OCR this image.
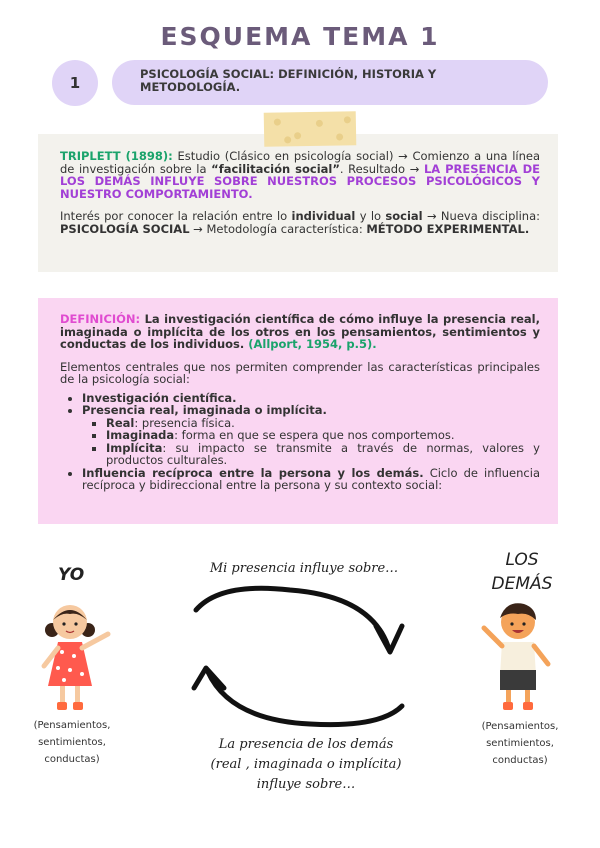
ESQUEMA TEMA 1
1	PSICOLOGÍA SOCIAL: DEFINICIÓN, HISTORIA Y METODOLOGÍA.

TRIPLETT (1898): Estudio (Clásico en psicología social) → Comienzo a una línea de investigación sobre la “facilitación social”. Resultado → LA PRESENCIA DE LOS DEMÁS INFLUYE SOBRE NUESTROS PROCESOS PSICOLÓGICOS Y NUESTRO COMPORTAMIENTO.

Interés por conocer la relación entre lo individual y lo social → Nueva disciplina: PSICOLOGÍA SOCIAL → Metodología característica: MÉTODO EXPERIMENTAL.

DEFINICIÓN: La investigación científica de cómo influye la presencia real, imaginada o implícita de los otros en los pensamientos, sentimientos y conductas de los individuos. (Allport, 1954, p.5).

Elementos centrales que nos permiten comprender las características principales de la psicología social:

• Investigación científica.
• Presencia real, imaginada o implícita.
▪ Real: presencia física.
▪ Imaginada: forma en que se espera que nos comportemos.
▪ Implícita: su impacto se transmite a través de normas, valores y productos culturales.
• Influencia recíproca entre la persona y los demás. Ciclo de influencia recíproca y bidireccional entre la persona y su contexto social:
YO
LOS
DEMÁS
Mi presencia influye sobre…
La presencia de los demás
(real , imaginada o implícita)
influye sobre…
(Pensamientos, sentimientos, conductas)
(Pensamientos, sentimientos, conductas)
